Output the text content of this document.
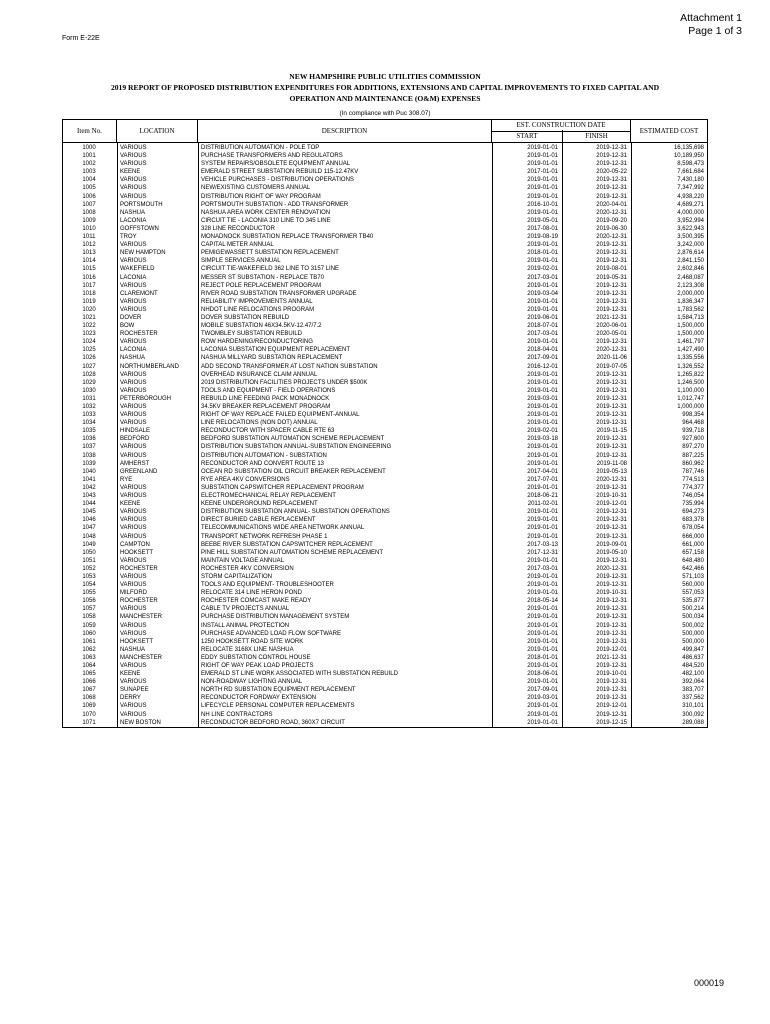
Form E-22E
Attachment 1
Page 1 of 3
NEW HAMPSHIRE PUBLIC UTILITIES COMMISSION
2019 REPORT OF PROPOSED DISTRIBUTION EXPENDITURES FOR ADDITIONS, EXTENSIONS AND CAPITAL IMPROVEMENTS TO FIXED CAPITAL AND
OPERATION AND MAINTENANCE (O&M) EXPENSES
(In compliance with Puc 308.07)
Item No.	LOCATION	DESCRIPTION
EST. CONSTRUCTION DATE
START	FINISH
ESTIMATED COST
1000	VARIOUS	DISTRIBUTION AUTOMATION - POLE TOP	2019-01-01	2019-12-31	16,135,698
1001	VARIOUS	PURCHASE TRANSFORMERS AND REGULATORS	2019-01-01	2019-12-31	10,189,950
1002	VARIOUS	SYSTEM REPAIRS/OBSOLETE EQUIPMENT ANNUAL	2019-01-01	2019-12-31	8,598,473
1003	KEENE	EMERALD STREET SUBSTATION REBUILD 115-12.47KV	2017-01-01	2020-05-22	7,661,684
1004	VARIOUS	VEHICLE PURCHASES - DISTRIBUTION OPERATIONS	2019-01-01	2019-12-31	7,430,180
1005	VARIOUS	NEW/EXISTING CUSTOMERS ANNUAL	2019-01-01	2019-12-31	7,347,992
1006	VARIOUS	DISTRIBUTION RIGHT OF WAY PROGRAM	2019-01-01	2019-12-31	4,938,220
1007	PORTSMOUTH	PORTSMOUTH SUBSTATION - ADD TRANSFORMER	2016-10-01	2020-04-01	4,689,271
1008	NASHUA	NASHUA AREA WORK CENTER RENOVATION	2019-01-01	2020-12-31	4,000,000
1009	LACONIA	CIRCUIT TIE - LACONIA 310 LINE TO 345 LINE	2019-05-01	2019-09-20	3,952,994
1010	GOFFSTOWN	328 LINE RECONDUCTOR	2017-08-01	2019-06-30	3,622,943
1011	TROY	MONADNOCK SUBSTATION REPLACE TRANSFORMER TB40	2019-08-19	2020-12-31	3,500,395
1012	VARIOUS	CAPITAL METER ANNUAL	2019-01-01	2019-12-31	3,242,000
1013	NEW HAMPTON	PEMIGEWASSETT SUBSTATION REPLACEMENT	2018-01-01	2019-12-31	2,876,614
1014	VARIOUS	SIMPLE SERVICES ANNUAL	2019-01-01	2019-12-31	2,841,150
1015	WAKEFIELD	CIRCUIT TIE-WAKEFIELD 362 LINE TO 3157 LINE	2019-02-01	2019-08-01	2,602,846
1016	LACONIA	MESSER ST SUBSTATION - REPLACE TB70	2017-03-01	2019-05-31	2,468,087
1017	VARIOUS	REJECT POLE REPLACEMENT PROGRAM	2019-01-01	2019-12-31	2,123,308
1018	CLAREMONT	RIVER ROAD SUBSTATION TRANSFORMER UPGRADE	2019-03-04	2019-12-31	2,000,000
1019	VARIOUS	RELIABILITY IMPROVEMENTS ANNUAL	2019-01-01	2019-12-31	1,836,347
1020	VARIOUS	NHDOT LINE RELOCATIONS PROGRAM	2019-01-01	2019-12-31	1,783,562
1021	DOVER	DOVER SUBSTATION REBUILD	2019-06-01	2021-12-31	1,584,713
1022	BOW	MOBILE SUBSTATION 46X34.5KV-12.47/7.2	2018-07-01	2020-06-01	1,500,000
1023	ROCHESTER	TWOMBLEY SUBSTATION REBUILD	2017-03-01	2020-05-01	1,500,000
1024	VARIOUS	ROW HARDENING/RECONDUCTORING	2019-01-01	2019-12-31	1,461,797
1025	LACONIA	LACONIA SUBSTATION EQUIPMENT REPLACEMENT	2018-04-01	2020-12-31	1,427,490
1026	NASHUA	NASHUA MILLYARD SUBSTATION REPLACEMENT	2017-09-01	2020-11-06	1,335,556
1027	NORTHUMBERLAND	ADD SECOND TRANSFORMER AT LOST NATION SUBSTATION	2016-12-01	2019-07-05	1,326,552
1028	VARIOUS	OVERHEAD INSURANCE CLAIM ANNUAL	2019-01-01	2019-12-31	1,265,822
1029	VARIOUS	2019 DISTRIBUTION FACILITIES PROJECTS UNDER $500K	2019-01-01	2019-12-31	1,246,500
1030	VARIOUS	TOOLS AND EQUIPMENT - FIELD OPERATIONS	2019-01-01	2019-12-31	1,100,000
1031	PETERBOROUGH	REBUILD LINE FEEDING PACK MONADNOCK	2019-03-01	2019-12-31	1,012,747
1032	VARIOUS	34.5KV BREAKER REPLACEMENT PROGRAM	2019-01-01	2019-12-31	1,000,000
1033	VARIOUS	RIGHT OF WAY REPLACE FAILED EQUIPMENT-ANNUAL	2019-01-01	2019-12-31	998,354
1034	VARIOUS	LINE RELOCATIONS (NON DOT) ANNUAL	2019-01-01	2019-12-31	964,468
1035	HINDSALE	RECONDUCTOR WITH SPACER CABLE RTE 63	2019-02-01	2019-11-15	939,718
1036	BEDFORD	BEDFORD SUBSTATION AUTOMATION SCHEME REPLACEMENT	2019-03-18	2019-12-31	927,600
1037	VARIOUS	DISTRIBUTION SUBSTATION ANNUAL-SUBSTATION ENGINEERING	2019-01-01	2019-12-31	897,270
1038	VARIOUS	DISTRIBUTION AUTOMATION - SUBSTATION	2019-01-01	2019-12-31	887,225
1039	AMHERST	RECONDUCTOR AND CONVERT ROUTE 13	2019-01-01	2019-11-08	860,962
1040	GREENLAND	OCEAN RD SUBSTATION OIL CIRCUIT BREAKER REPLACEMENT	2017-04-01	2019-05-13	787,746
1041	RYE	RYE AREA 4KV CONVERSIONS	2017-07-01	2020-12-31	774,513
1042	VARIOUS	SUBSTATION CAPSWITCHER REPLACEMENT PROGRAM	2019-01-01	2019-12-31	774,377
1043	VARIOUS	ELECTROMECHANICAL RELAY REPLACEMENT	2018-06-21	2019-10-31	746,054
1044	KEENE	KEENE UNDERGROUND REPLACEMENT	2011-02-01	2019-12-01	735,994
1045	VARIOUS	DISTRIBUTION SUBSTATION ANNUAL- SUBSTATION OPERATIONS	2019-01-01	2019-12-31	694,273
1046	VARIOUS	DIRECT BURIED CABLE REPLACEMENT	2019-01-01	2019-12-31	683,378
1047	VARIOUS	TELECOMMUNICATIONS WIDE AREA NETWORK ANNUAL	2019-01-01	2019-12-31	678,054
1048	VARIOUS	TRANSPORT NETWORK REFRESH PHASE 1	2019-01-01	2019-12-31	666,000
1049	CAMPTON	BEEBE RIVER SUBSTATION CAPSWITCHER REPLACEMENT	2017-03-13	2019-09-01	661,000
1050	HOOKSETT	PINE HILL SUBSTATION AUTOMATION SCHEME REPLACEMENT	2017-12-31	2019-05-10	657,158
1051	VARIOUS	MAINTAIN VOLTAGE ANNUAL	2019-01-01	2019-12-31	648,480
1052	ROCHESTER	ROCHESTER 4KV CONVERSION	2017-03-01	2020-12-31	642,466
1053	VARIOUS	STORM CAPITALIZATION	2019-01-01	2019-12-31	571,103
1054	VARIOUS	TOOLS AND EQUIPMENT- TROUBLESHOOTER	2019-01-01	2019-12-31	560,000
1055	MILFORD	RELOCATE 314 LINE HERON POND	2019-01-01	2019-10-31	557,053
1056	ROCHESTER	ROCHESTER COMCAST MAKE READY	2018-05-14	2019-12-31	535,877
1057	VARIOUS	CABLE TV PROJECTS ANNUAL	2019-01-01	2019-12-31	500,214
1058	MANCHESTER	PURCHASE DISTRIBUTION MANAGEMENT SYSTEM	2019-01-01	2019-12-31	500,034
1059	VARIOUS	INSTALL ANIMAL PROTECTION	2019-01-01	2019-12-31	500,002
1060	VARIOUS	PURCHASE ADVANCED LOAD FLOW SOFTWARE	2019-01-01	2019-12-31	500,000
1061	HOOKSETT	1250 HOOKSETT ROAD SITE WORK	2019-01-01	2019-12-31	500,000
1062	NASHUA	RELOCATE 3168X LINE NASHUA	2019-01-01	2019-12-01	499,847
1063	MANCHESTER	EDDY SUBSTATION CONTROL HOUSE	2018-01-01	2021-12-31	486,637
1064	VARIOUS	RIGHT OF WAY PEAK LOAD PROJECTS	2019-01-01	2019-12-31	484,520
1065	KEENE	EMERALD ST LINE WORK ASSOCIATED WITH SUBSTATION REBUILD	2018-06-01	2019-10-01	482,100
1066	VARIOUS	NON-ROADWAY LIGHTING ANNUAL	2019-01-01	2019-12-31	392,064
1067	SUNAPEE	NORTH RD SUBSTATION EQUIPMENT REPLACEMENT	2017-09-01	2019-12-31	383,707
1068	DERRY	RECONDUCTOR FORDWAY EXTENSION	2019-03-01	2019-12-31	337,562
1069	VARIOUS	LIFECYCLE PERSONAL COMPUTER REPLACEMENTS	2019-01-01	2019-12-01	310,101
1070	VARIOUS	NH LINE CONTRACTORS	2019-01-01	2019-12-31	300,092
1071	NEW BOSTON	RECONDUCTOR BEDFORD ROAD, 360X7 CIRCUIT	2019-01-01	2019-12-15	289,088
000019
